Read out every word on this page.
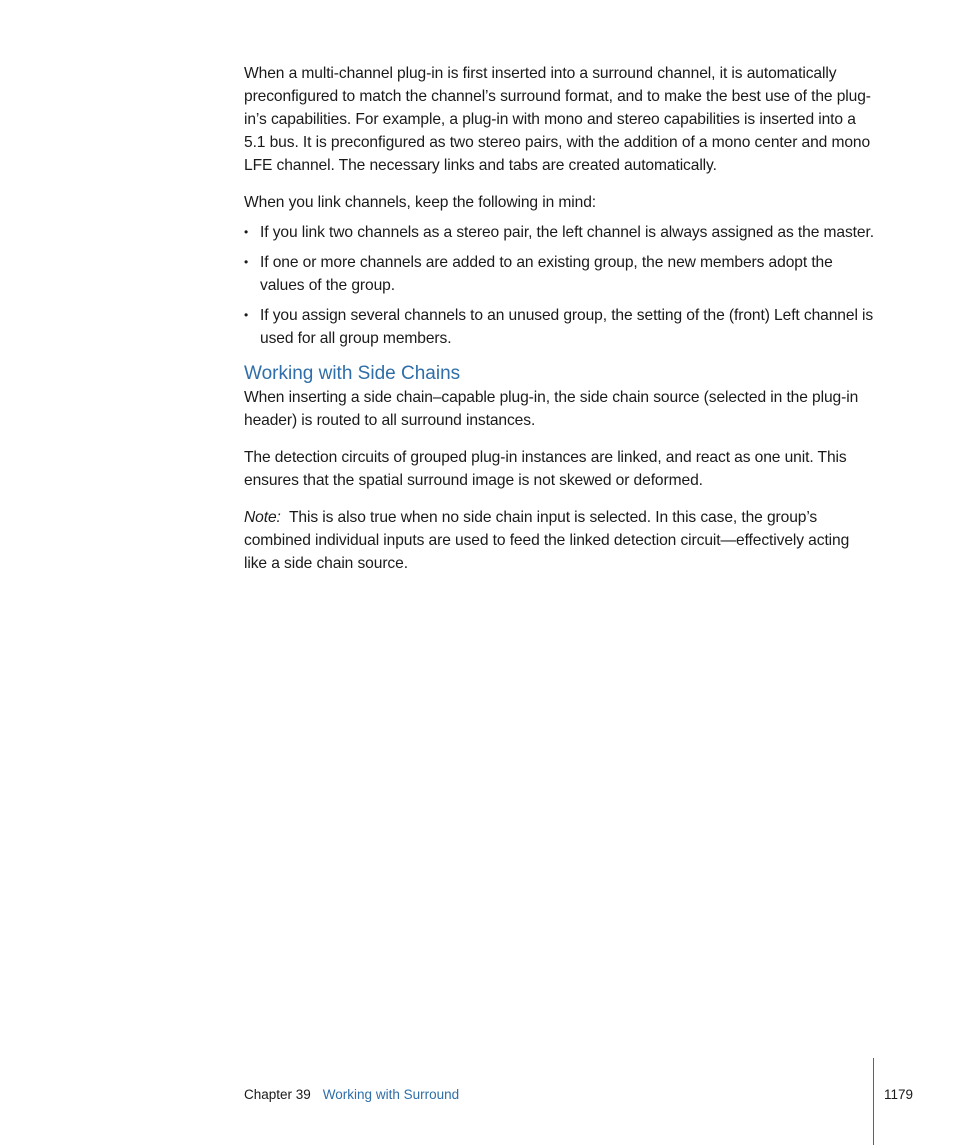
When a multi-channel plug-in is first inserted into a surround channel, it is automatically preconfigured to match the channel’s surround format, and to make the best use of the plug-in’s capabilities. For example, a plug-in with mono and stereo capabilities is inserted into a 5.1 bus. It is preconfigured as two stereo pairs, with the addition of a mono center and mono LFE channel. The necessary links and tabs are created automatically.

When you link channels, keep the following in mind:

• If you link two channels as a stereo pair, the left channel is always assigned as the master.
• If one or more channels are added to an existing group, the new members adopt the values of the group.
• If you assign several channels to an unused group, the setting of the (front) Left channel is used for all group members.
Working with Side Chains

When inserting a side chain–capable plug-in, the side chain source (selected in the plug-in header) is routed to all surround instances.

The detection circuits of grouped plug-in instances are linked, and react as one unit. This ensures that the spatial surround image is not skewed or deformed.

Note: This is also true when no side chain input is selected. In this case, the group’s combined individual inputs are used to feed the linked detection circuit—effectively acting like a side chain source.

Chapter 39 Working with Surround	1179
